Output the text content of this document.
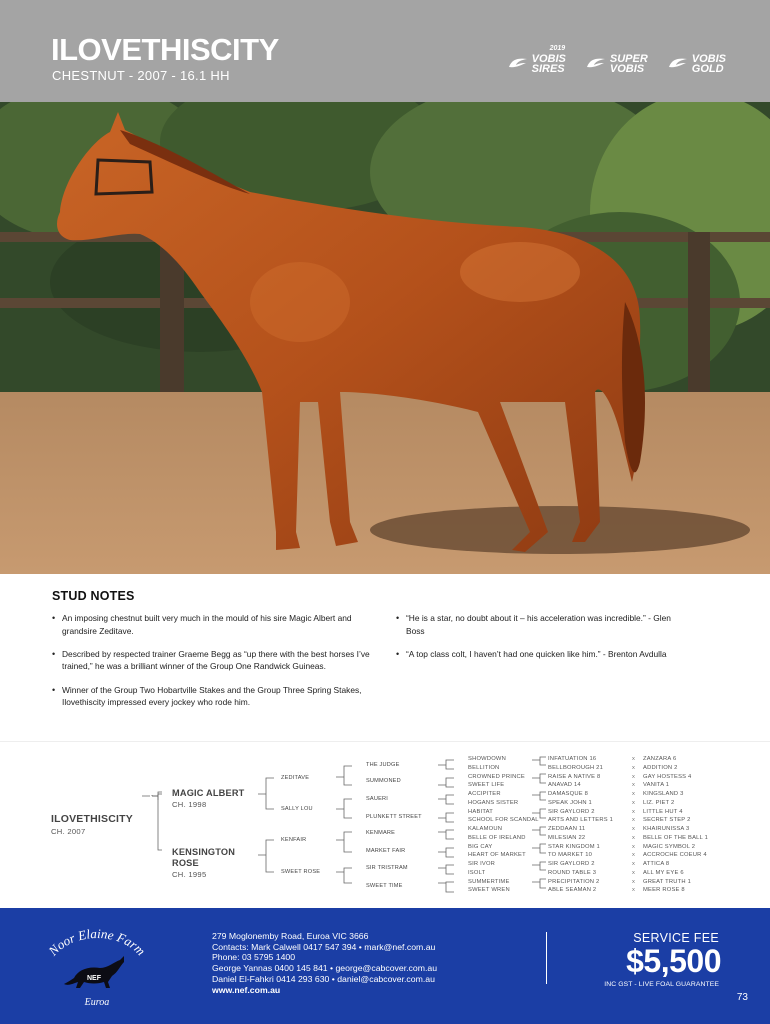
ILOVETHISCITY
CHESTNUT - 2007 - 16.1 HH
VOBIS
SIRES
2019
SUPER
VOBIS
VOBIS
GOLD
STUD NOTES
• An imposing chestnut built very much in the mould of his sire Magic Albert and grandsire Zeditave.
• Described by respected trainer Graeme Begg as “up there with the best horses I’ve trained,” he was a brilliant winner of the Group One Randwick Guineas.
• Winner of the Group Two Hobartville Stakes and the Group Three Spring Stakes, Ilovethiscity impressed every jockey who rode him.
• “He is a star, no doubt about it – his acceleration was incredible.” - Glen Boss
• “A top class colt, I haven’t had one quicken like him.” - Brenton Avdulla
ILOVETHISCITY
CH. 2007
MAGIC ALBERT
CH. 1998
KENSINGTON
ROSE
CH. 1995
ZEDITAVE
SALLY LOU
KENFAIR
SWEET ROSE
THE JUDGE
SUMMONED
SAUERI
PLUNKETT STREET
KENMARE
MARKET FAIR
SIR TRISTRAM
SWEET TIME
SHOWDOWN
BELLITION
CROWNED PRINCE
SWEET LIFE
ACCIPITER
HOGANS SISTER
HABITAT
SCHOOL FOR SCANDAL
KALAMOUN
BELLE OF IRELAND
BIG CAY
HEART OF MARKET
SIR IVOR
ISOLT
SUMMERTIME
SWEET WREN
INFATUATION 16
BELLBOROUGH 21
RAISE A NATIVE 8
ANAVAD 14
DAMASQUE 8
SPEAK JOHN 1
SIR GAYLORD 2
ARTS AND LETTERS 1
ZEDDAAN 11
MILESIAN 22
STAR KINGDOM 1
TO MARKET 10
SIR GAYLORD 2
ROUND TABLE 3
PRECIPITATION 2
ABLE SEAMAN 2
x
x
x
x
x
x
x
x
x
x
x
x
x
x
x
x
ZANZARA 6
ADDITION 2
GAY HOSTESS 4
VANITA 1
KINGSLAND 3
LIZ. PIET 2
LITTLE HUT 4
SECRET STEP 2
KHAIRUNISSA 3
BELLE OF THE BALL 1
MAGIC SYMBOL 2
ACCROCHE COEUR 4
ATTICA 8
ALL MY EYE 6
GREAT TRUTH 1
MEER ROSE 8
Noor Elaine Farm
NEF
Euroa
279 Moglonemby Road, Euroa VIC 3666
Contacts: Mark Calwell 0417 547 394 • mark@nef.com.au
Phone: 03 5795 1400
George Yannas 0400 145 841 • george@cabcover.com.au
Daniel El-Fahkri 0414 293 630 • daniel@cabcover.com.au
www.nef.com.au
SERVICE FEE
$5,500
INC GST - LIVE FOAL GUARANTEE
73
